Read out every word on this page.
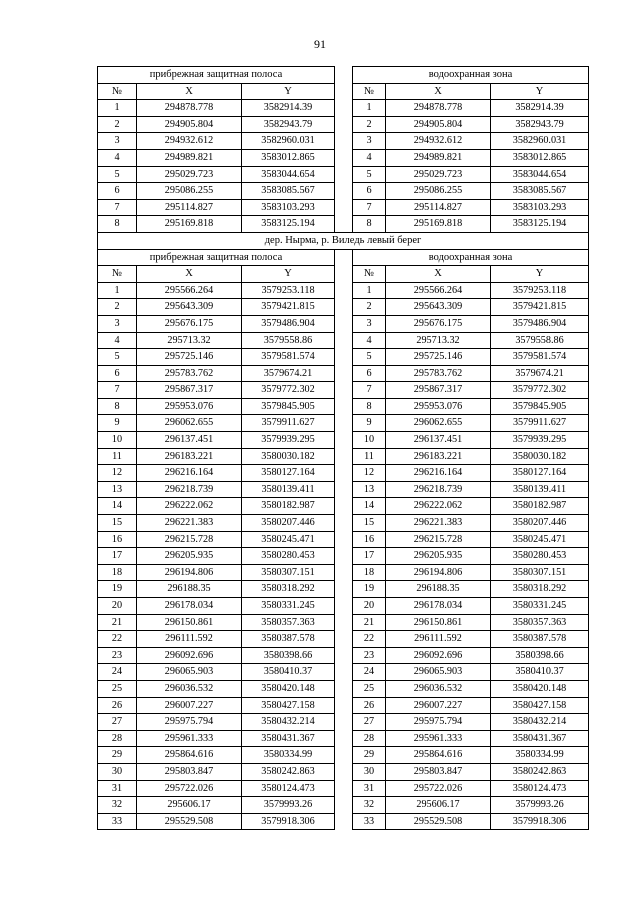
91
прибрежная защитная полоса				водоохранная зона		
№	X	Y		№	X	Y
1	294878.778	3582914.39		1	294878.778	3582914.39
2	294905.804	3582943.79		2	294905.804	3582943.79
3	294932.612	3582960.031		3	294932.612	3582960.031
4	294989.821	3583012.865		4	294989.821	3583012.865
5	295029.723	3583044.654		5	295029.723	3583044.654
6	295086.255	3583085.567		6	295086.255	3583085.567
7	295114.827	3583103.293		7	295114.827	3583103.293
8	295169.818	3583125.194		8	295169.818	3583125.194
дер. Нырма, р. Виледь левый берег						
прибрежная защитная полоса				водоохранная зона		
№	X	Y		№	X	Y
1	295566.264	3579253.118		1	295566.264	3579253.118
2	295643.309	3579421.815		2	295643.309	3579421.815
3	295676.175	3579486.904		3	295676.175	3579486.904
4	295713.32	3579558.86		4	295713.32	3579558.86
5	295725.146	3579581.574		5	295725.146	3579581.574
6	295783.762	3579674.21		6	295783.762	3579674.21
7	295867.317	3579772.302		7	295867.317	3579772.302
8	295953.076	3579845.905		8	295953.076	3579845.905
9	296062.655	3579911.627		9	296062.655	3579911.627
10	296137.451	3579939.295		10	296137.451	3579939.295
11	296183.221	3580030.182		11	296183.221	3580030.182
12	296216.164	3580127.164		12	296216.164	3580127.164
13	296218.739	3580139.411		13	296218.739	3580139.411
14	296222.062	3580182.987		14	296222.062	3580182.987
15	296221.383	3580207.446		15	296221.383	3580207.446
16	296215.728	3580245.471		16	296215.728	3580245.471
17	296205.935	3580280.453		17	296205.935	3580280.453
18	296194.806	3580307.151		18	296194.806	3580307.151
19	296188.35	3580318.292		19	296188.35	3580318.292
20	296178.034	3580331.245		20	296178.034	3580331.245
21	296150.861	3580357.363		21	296150.861	3580357.363
22	296111.592	3580387.578		22	296111.592	3580387.578
23	296092.696	3580398.66		23	296092.696	3580398.66
24	296065.903	3580410.37		24	296065.903	3580410.37
25	296036.532	3580420.148		25	296036.532	3580420.148
26	296007.227	3580427.158		26	296007.227	3580427.158
27	295975.794	3580432.214		27	295975.794	3580432.214
28	295961.333	3580431.367		28	295961.333	3580431.367
29	295864.616	3580334.99		29	295864.616	3580334.99
30	295803.847	3580242.863		30	295803.847	3580242.863
31	295722.026	3580124.473		31	295722.026	3580124.473
32	295606.17	3579993.26		32	295606.17	3579993.26
33	295529.508	3579918.306		33	295529.508	3579918.306
